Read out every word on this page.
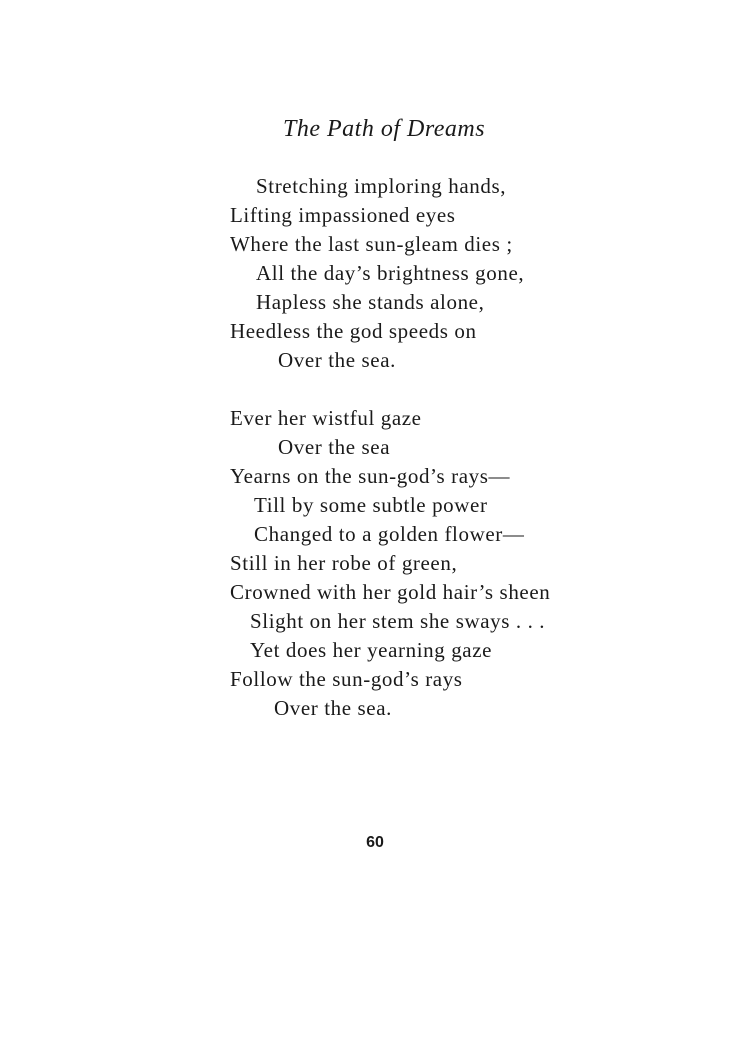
The Path of Dreams
Stretching imploring hands,
Lifting impassioned eyes
Where the last sun-gleam dies ;
All the day’s brightness gone,
Hapless she stands alone,
Heedless the god speeds on
Over the sea.
Ever her wistful gaze
Over the sea
Yearns on the sun-god’s rays—
Till by some subtle power
Changed to a golden flower—
Still in her robe of green,
Crowned with her gold hair’s sheen
Slight on her stem she sways . . .
Yet does her yearning gaze
Follow the sun-god’s rays
Over the sea.
60
